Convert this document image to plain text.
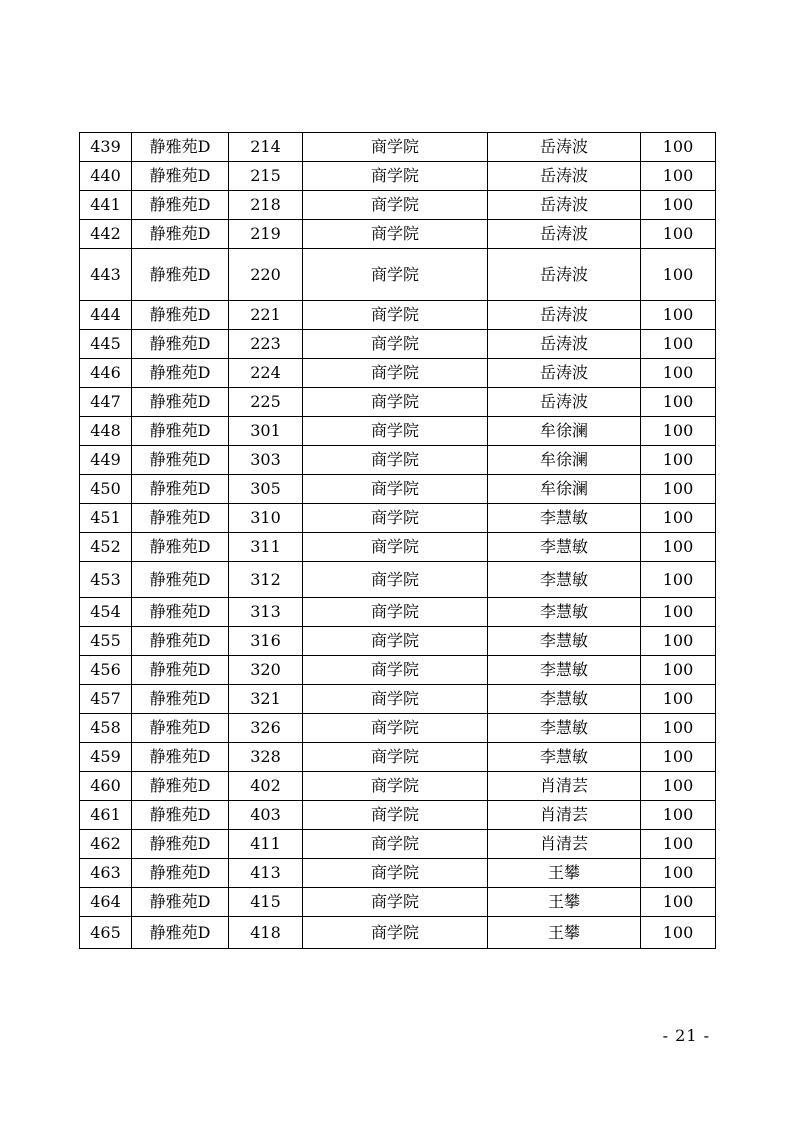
439	静雅苑D	214	商学院	岳涛波	100
440	静雅苑D	215	商学院	岳涛波	100
441	静雅苑D	218	商学院	岳涛波	100
442	静雅苑D	219	商学院	岳涛波	100
443	静雅苑D	220	商学院	岳涛波	100
444	静雅苑D	221	商学院	岳涛波	100
445	静雅苑D	223	商学院	岳涛波	100
446	静雅苑D	224	商学院	岳涛波	100
447	静雅苑D	225	商学院	岳涛波	100
448	静雅苑D	301	商学院	牟徐澜	100
449	静雅苑D	303	商学院	牟徐澜	100
450	静雅苑D	305	商学院	牟徐澜	100
451	静雅苑D	310	商学院	李慧敏	100
452	静雅苑D	311	商学院	李慧敏	100
453	静雅苑D	312	商学院	李慧敏	100
454	静雅苑D	313	商学院	李慧敏	100
455	静雅苑D	316	商学院	李慧敏	100
456	静雅苑D	320	商学院	李慧敏	100
457	静雅苑D	321	商学院	李慧敏	100
458	静雅苑D	326	商学院	李慧敏	100
459	静雅苑D	328	商学院	李慧敏	100
460	静雅苑D	402	商学院	肖清芸	100
461	静雅苑D	403	商学院	肖清芸	100
462	静雅苑D	411	商学院	肖清芸	100
463	静雅苑D	413	商学院	王攀	100
464	静雅苑D	415	商学院	王攀	100
465	静雅苑D	418	商学院	王攀	100
- 21 -
